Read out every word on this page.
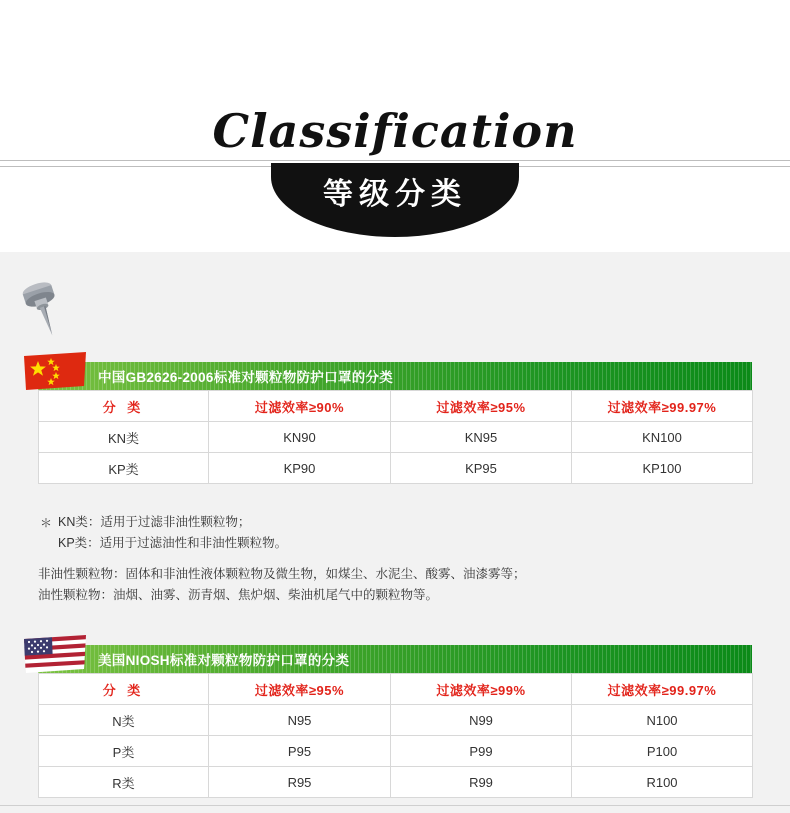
Classification
等级分类
中国GB2626-2006标准对颗粒物防护口罩的分类
分 类	过滤效率≥90%	过滤效率≥95%	过滤效率≥99.97%
KN类	KN90	KN95	KN100
KP类	KP90	KP95	KP100
＊ KN类：适用于过滤非油性颗粒物；
KP类：适用于过滤油性和非油性颗粒物。
非油性颗粒物：固体和非油性液体颗粒物及微生物，如煤尘、水泥尘、酸雾、油漆雾等；
油性颗粒物：油烟、油雾、沥青烟、焦炉烟、柴油机尾气中的颗粒物等。
美国NIOSH标准对颗粒物防护口罩的分类
分 类	过滤效率≥95%	过滤效率≥99%	过滤效率≥99.97%
N类	N95	N99	N100
P类	P95	P99	P100
R类	R95	R99	R100
